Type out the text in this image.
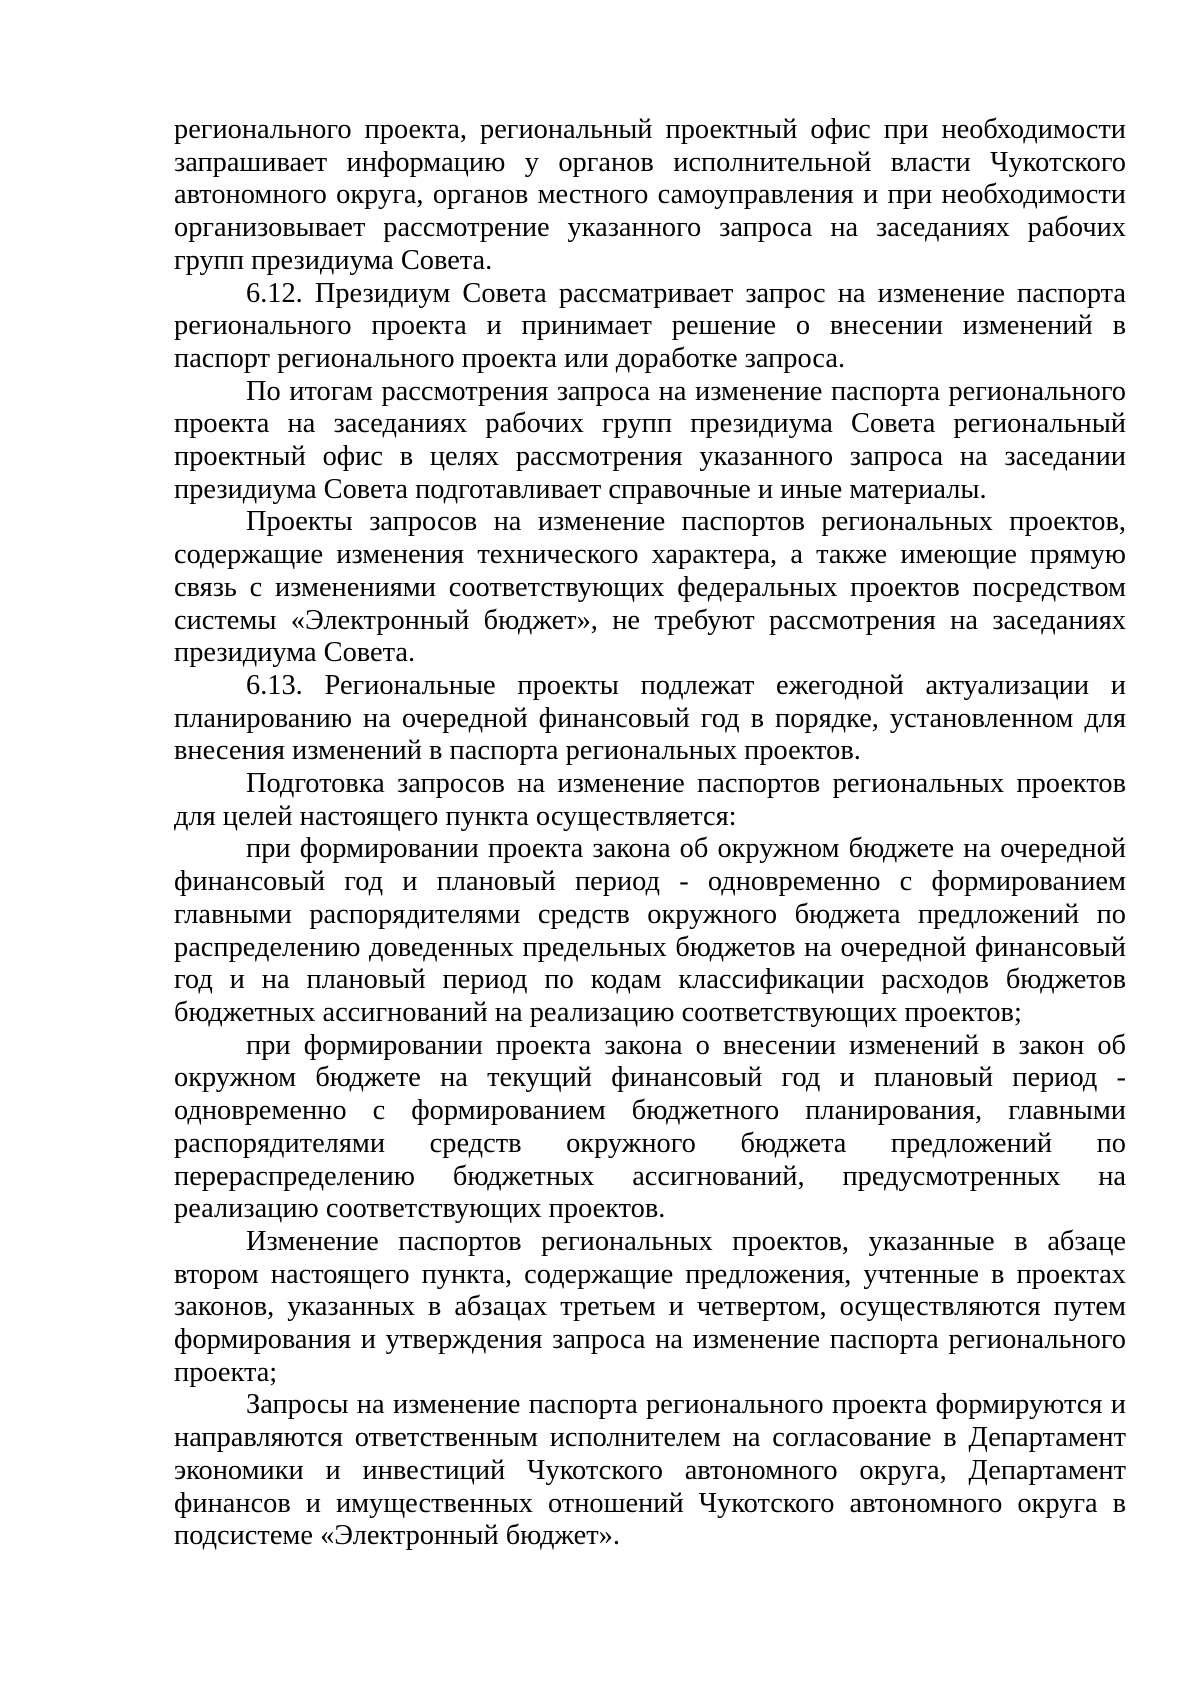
регионального проекта, региональный проектный офис при необходимости запрашивает информацию у органов исполнительной власти Чукотского автономного округа, органов местного самоуправления и при необходимости организовывает рассмотрение указанного запроса на заседаниях рабочих групп президиума Совета.

6.12. Президиум Совета рассматривает запрос на изменение паспорта регионального проекта и принимает решение о внесении изменений в паспорт регионального проекта или доработке запроса.

По итогам рассмотрения запроса на изменение паспорта регионального проекта на заседаниях рабочих групп президиума Совета региональный проектный офис в целях рассмотрения указанного запроса на заседании президиума Совета подготавливает справочные и иные материалы.

Проекты запросов на изменение паспортов региональных проектов, содержащие изменения технического характера, а также имеющие прямую связь с изменениями соответствующих федеральных проектов посредством системы «Электронный бюджет», не требуют рассмотрения на заседаниях президиума Совета.

6.13. Региональные проекты подлежат ежегодной актуализации и планированию на очередной финансовый год в порядке, установленном для внесения изменений в паспорта региональных проектов.

Подготовка запросов на изменение паспортов региональных проектов для целей настоящего пункта осуществляется:

при формировании проекта закона об окружном бюджете на очередной финансовый год и плановый период - одновременно с формированием главными распорядителями средств окружного бюджета предложений по распределению доведенных предельных бюджетов на очередной финансовый год и на плановый период по кодам классификации расходов бюджетов бюджетных ассигнований на реализацию соответствующих проектов;

при формировании проекта закона о внесении изменений в закон об окружном бюджете на текущий финансовый год и плановый период - одновременно с формированием бюджетного планирования, главными распорядителями средств окружного бюджета предложений по перераспределению бюджетных ассигнований, предусмотренных на реализацию соответствующих проектов.

Изменение паспортов региональных проектов, указанные в абзаце втором настоящего пункта, содержащие предложения, учтенные в проектах законов, указанных в абзацах третьем и четвертом, осуществляются путем формирования и утверждения запроса на изменение паспорта регионального проекта;

Запросы на изменение паспорта регионального проекта формируются и направляются ответственным исполнителем на согласование в Департамент экономики и инвестиций Чукотского автономного округа, Департамент финансов и имущественных отношений Чукотского автономного округа в подсистеме «Электронный бюджет».
